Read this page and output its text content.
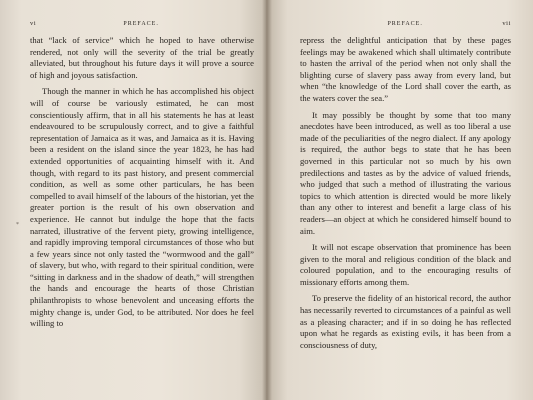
vi	PREFACE.

that “lack of service” which he hoped to have otherwise rendered, not only will the severity of the trial be greatly alleviated, but throughout his future days it will prove a source of high and joyous satisfaction.

Though the manner in which he has accomplished his object will of course be variously estimated, he can most conscientiously affirm, that in all his statements he has at least endeavoured to be scrupulously correct, and to give a faithful representation of Jamaica as it was, and Jamaica as it is. Having been a resident on the island since the year 1823, he has had extended opportunities of acquainting himself with it. And though, with regard to its past history, and present commercial condition, as well as some other particulars, he has been compelled to avail himself of the labours of the historian, yet the greater portion is the result of his own observation and experience. He cannot but indulge the hope that the facts narrated, illustrative of the fervent piety, growing intelligence, and rapidly improving temporal circumstances of those who but a few years since not only tasted the “wormwood and the gall” of slavery, but who, with regard to their spiritual condition, were “sitting in darkness and in the shadow of death,” will strengthen the hands and encourage the hearts of those Christian philanthropists to whose benevolent and unceasing efforts the mighty change is, under God, to be attributed. Nor does he feel willing to

*
PREFACE.	vii

repress the delightful anticipation that by these pages feelings may be awakened which shall ultimately contribute to hasten the arrival of the period when not only shall the blighting curse of slavery pass away from every land, but when “the knowledge of the Lord shall cover the earth, as the waters cover the sea.”

It may possibly be thought by some that too many anecdotes have been introduced, as well as too liberal a use made of the peculiarities of the negro dialect. If any apology is required, the author begs to state that he has been governed in this particular not so much by his own predilections and tastes as by the advice of valued friends, who judged that such a method of illustrating the various topics to which attention is directed would be more likely than any other to interest and benefit a large class of his readers—an object at which he considered himself bound to aim.

It will not escape observation that prominence has been given to the moral and religious condition of the black and coloured population, and to the encouraging results of missionary efforts among them.

To preserve the fidelity of an historical record, the author has necessarily reverted to circumstances of a painful as well as a pleasing character; and if in so doing he has reflected upon what he regards as existing evils, it has been from a consciousness of duty,
